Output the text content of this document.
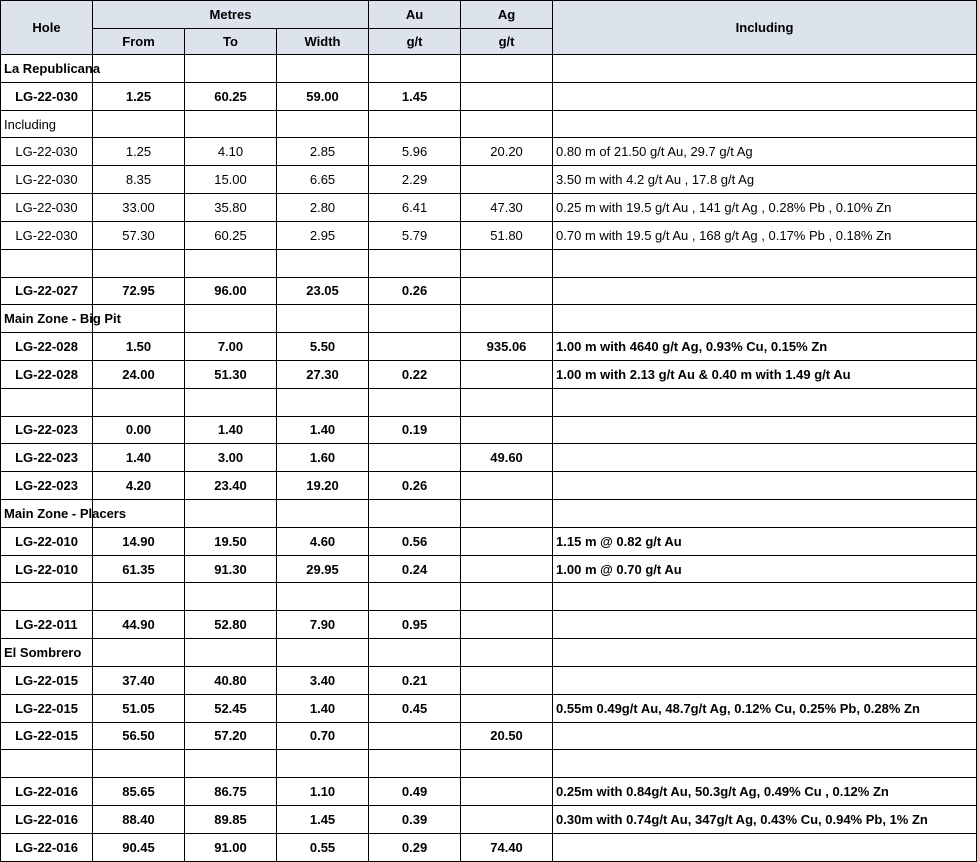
Hole	Metres			Au	Ag	Including
	From	To	Width	g/t	g/t	
La Republicana						
LG-22-030	1.25	60.25	59.00	1.45		
Including						
LG-22-030	1.25	4.10	2.85	5.96	20.20	0.80 m of 21.50 g/t Au, 29.7 g/t Ag
LG-22-030	8.35	15.00	6.65	2.29		3.50 m with 4.2 g/t Au , 17.8 g/t Ag
LG-22-030	33.00	35.80	2.80	6.41	47.30	0.25 m with 19.5 g/t Au , 141 g/t Ag , 0.28% Pb , 0.10% Zn
LG-22-030	57.30	60.25	2.95	5.79	51.80	0.70 m with 19.5 g/t Au , 168 g/t Ag , 0.17% Pb , 0.18% Zn

LG-22-027	72.95	96.00	23.05	0.26		
Main Zone - Big Pit						
LG-22-028	1.50	7.00	5.50		935.06	1.00 m with 4640 g/t Ag, 0.93% Cu, 0.15% Zn
LG-22-028	24.00	51.30	27.30	0.22		1.00 m with 2.13 g/t Au & 0.40 m with 1.49 g/t Au

LG-22-023	0.00	1.40	1.40	0.19		
LG-22-023	1.40	3.00	1.60		49.60	
LG-22-023	4.20	23.40	19.20	0.26		
Main Zone - Placers						
LG-22-010	14.90	19.50	4.60	0.56		1.15 m @ 0.82 g/t Au
LG-22-010	61.35	91.30	29.95	0.24		1.00 m @ 0.70 g/t Au

LG-22-011	44.90	52.80	7.90	0.95		
El Sombrero						
LG-22-015	37.40	40.80	3.40	0.21		
LG-22-015	51.05	52.45	1.40	0.45		0.55m 0.49g/t Au, 48.7g/t Ag, 0.12% Cu, 0.25% Pb, 0.28% Zn
LG-22-015	56.50	57.20	0.70		20.50	

LG-22-016	85.65	86.75	1.10	0.49		0.25m with 0.84g/t Au, 50.3g/t Ag, 0.49% Cu , 0.12% Zn
LG-22-016	88.40	89.85	1.45	0.39		0.30m with 0.74g/t Au, 347g/t Ag, 0.43% Cu, 0.94% Pb, 1% Zn
LG-22-016	90.45	91.00	0.55	0.29	74.40	
